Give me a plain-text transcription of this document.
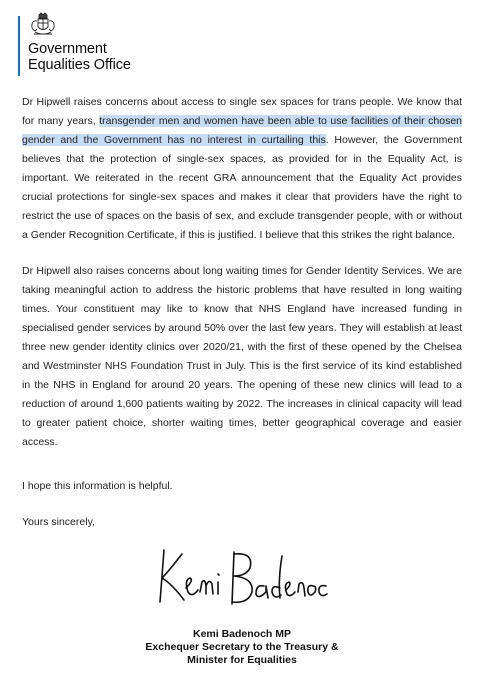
Government
Equalities Office

Dr Hipwell raises concerns about access to single sex spaces for trans people. We know that for many years, transgender men and women have been able to use facilities of their chosen gender and the Government has no interest in curtailing this. However, the Government believes that the protection of single-sex spaces, as provided for in the Equality Act, is important. We reiterated in the recent GRA announcement that the Equality Act provides crucial protections for single-sex spaces and makes it clear that providers have the right to restrict the use of spaces on the basis of sex, and exclude transgender people, with or without a Gender Recognition Certificate, if this is justified. I believe that this strikes the right balance.

Dr Hipwell also raises concerns about long waiting times for Gender Identity Services. We are taking meaningful action to address the historic problems that have resulted in long waiting times. Your constituent may like to know that NHS England have increased funding in specialised gender services by around 50% over the last few years. They will establish at least three new gender identity clinics over 2020/21, with the first of these opened by the Chelsea and Westminster NHS Foundation Trust in July. This is the first service of its kind established in the NHS in England for around 20 years. The opening of these new clinics will lead to a reduction of around 1,600 patients waiting by 2022. The increases in clinical capacity will lead to greater patient choice, shorter waiting times, better geographical coverage and easier access.

I hope this information is helpful.
Yours sincerely,
Kemi Badenoch MP
Exchequer Secretary to the Treasury &
Minister for Equalities
